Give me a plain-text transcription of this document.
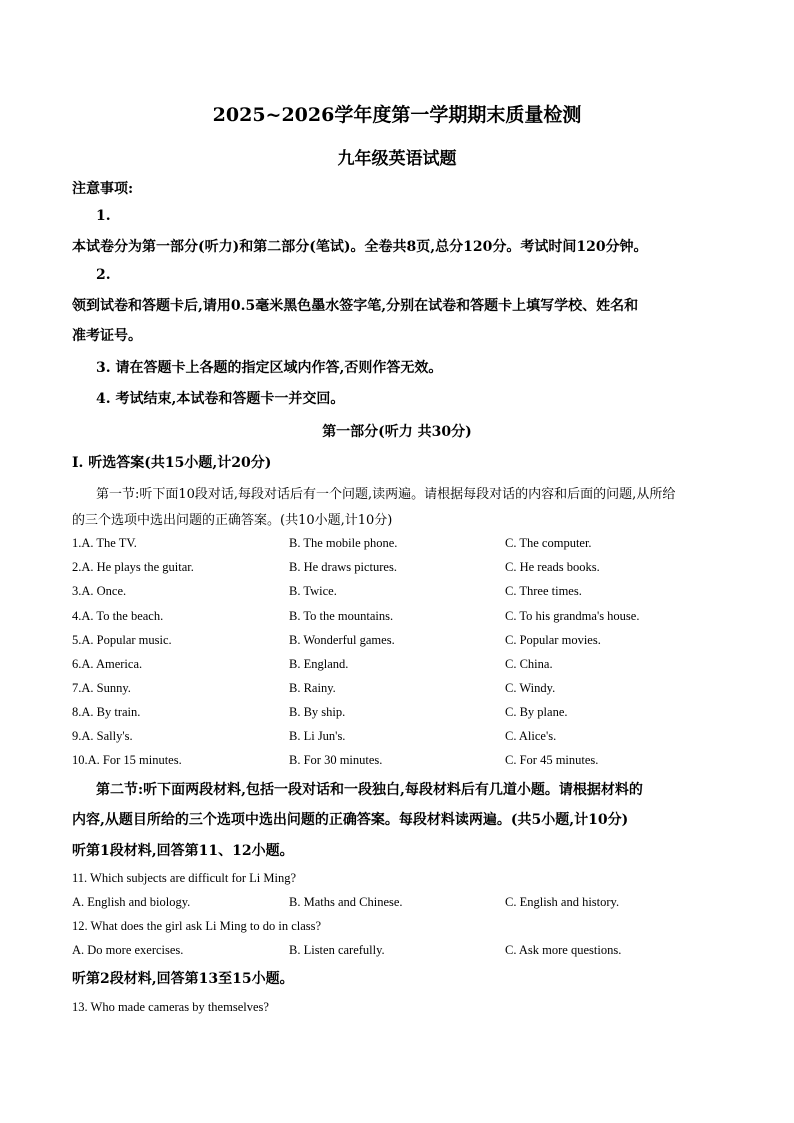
2025~2026学年度第一学期期末质量检测
九年级英语试题
注意事项:
1.
本试卷分为第一部分(听力)和第二部分(笔试)。全卷共8页,总分120分。考试时间120分钟。
2.
领到试卷和答题卡后,请用0.5毫米黑色墨水签字笔,分别在试卷和答题卡上填写学校、姓名和
准考证号。
3. 请在答题卡上各题的指定区域内作答,否则作答无效。
4. 考试结束,本试卷和答题卡一并交回。
第一部分(听力 共30分)
Ⅰ. 听选答案(共15小题,计20分)
第一节:听下面10段对话,每段对话后有一个问题,读两遍。请根据每段对话的内容和后面的问题,从所给
的三个选项中选出问题的正确答案。(共10小题,计10分)
1.A. The TV.	B. The mobile phone.	C. The computer.
2.A. He plays the guitar.	B. He draws pictures.	C. He reads books.
3.A. Once.	B. Twice.	C. Three times.
4.A. To the beach.	B. To the mountains.	C. To his grandma's house.
5.A. Popular music.	B. Wonderful games.	C. Popular movies.
6.A. America.	B. England.	C. China.
7.A. Sunny.	B. Rainy.	C. Windy.
8.A. By train.	B. By ship.	C. By plane.
9.A. Sally's.	B. Li Jun's.	C. Alice's.
10.A. For 15 minutes.	B. For 30 minutes.	C. For 45 minutes.
第二节:听下面两段材料,包括一段对话和一段独白,每段材料后有几道小题。请根据材料的
内容,从题目所给的三个选项中选出问题的正确答案。每段材料读两遍。(共5小题,计10分)
听第1段材料,回答第11、12小题。
11. Which subjects are difficult for Li Ming?
A. English and biology.	B. Maths and Chinese.	C. English and history.
12. What does the girl ask Li Ming to do in class?
A. Do more exercises.	B. Listen carefully.	C. Ask more questions.
听第2段材料,回答第13至15小题。
13. Who made cameras by themselves?
